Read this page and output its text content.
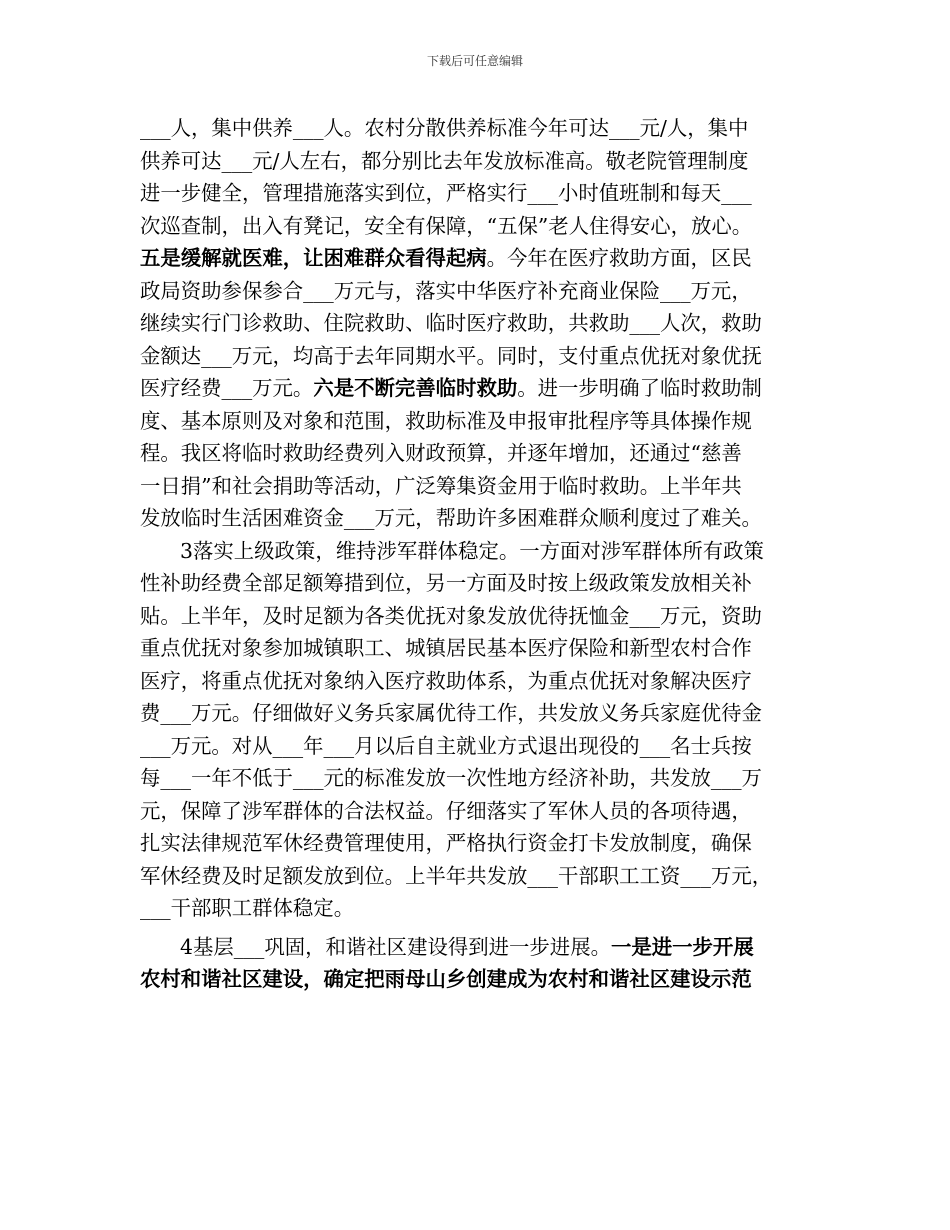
下载后可任意编辑
___人，集中供养___人。农村分散供养标准今年可达___元/人，集中
供养可达___元/人左右，都分别比去年发放标准高。敬老院管理制度
进一步健全，管理措施落实到位，严格实行___小时值班制和每天___
次巡查制，出入有凳记，安全有保障，“五保”老人住得安心，放心。
五是缓解就医难，让困难群众看得起病。今年在医疗救助方面，区民
政局资助参保参合___万元与，落实中华医疗补充商业保险___万元，
继续实行门诊救助、住院救助、临时医疗救助，共救助___人次，救助
金额达___万元，均高于去年同期水平。同时，支付重点优抚对象优抚
医疗经费___万元。六是不断完善临时救助。进一步明确了临时救助制
度、基本原则及对象和范围，救助标准及申报审批程序等具体操作规
程。我区将临时救助经费列入财政预算，并逐年增加，还通过“慈善
一日捐”和社会捐助等活动，广泛筹集资金用于临时救助。上半年共
发放临时生活困难资金___万元，帮助许多困难群众顺利度过了难关。
3落实上级政策，维持涉军群体稳定。一方面对涉军群体所有政策
性补助经费全部足额筹措到位，另一方面及时按上级政策发放相关补
贴。上半年，及时足额为各类优抚对象发放优待抚恤金___万元，资助
重点优抚对象参加城镇职工、城镇居民基本医疗保险和新型农村合作
医疗，将重点优抚对象纳入医疗救助体系，为重点优抚对象解决医疗
费___万元。仔细做好义务兵家属优待工作，共发放义务兵家庭优待金
___万元。对从___年___月以后自主就业方式退出现役的___名士兵按
每___一年不低于___元的标准发放一次性地方经济补助，共发放___万
元，保障了涉军群体的合法权益。仔细落实了军休人员的各项待遇，
扎实法律规范军休经费管理使用，严格执行资金打卡发放制度，确保
军休经费及时足额发放到位。上半年共发放___干部职工工资___万元，
___干部职工群体稳定。
4基层___巩固，和谐社区建设得到进一步进展。一是进一步开展
农村和谐社区建设，确定把雨母山乡创建成为农村和谐社区建设示范
